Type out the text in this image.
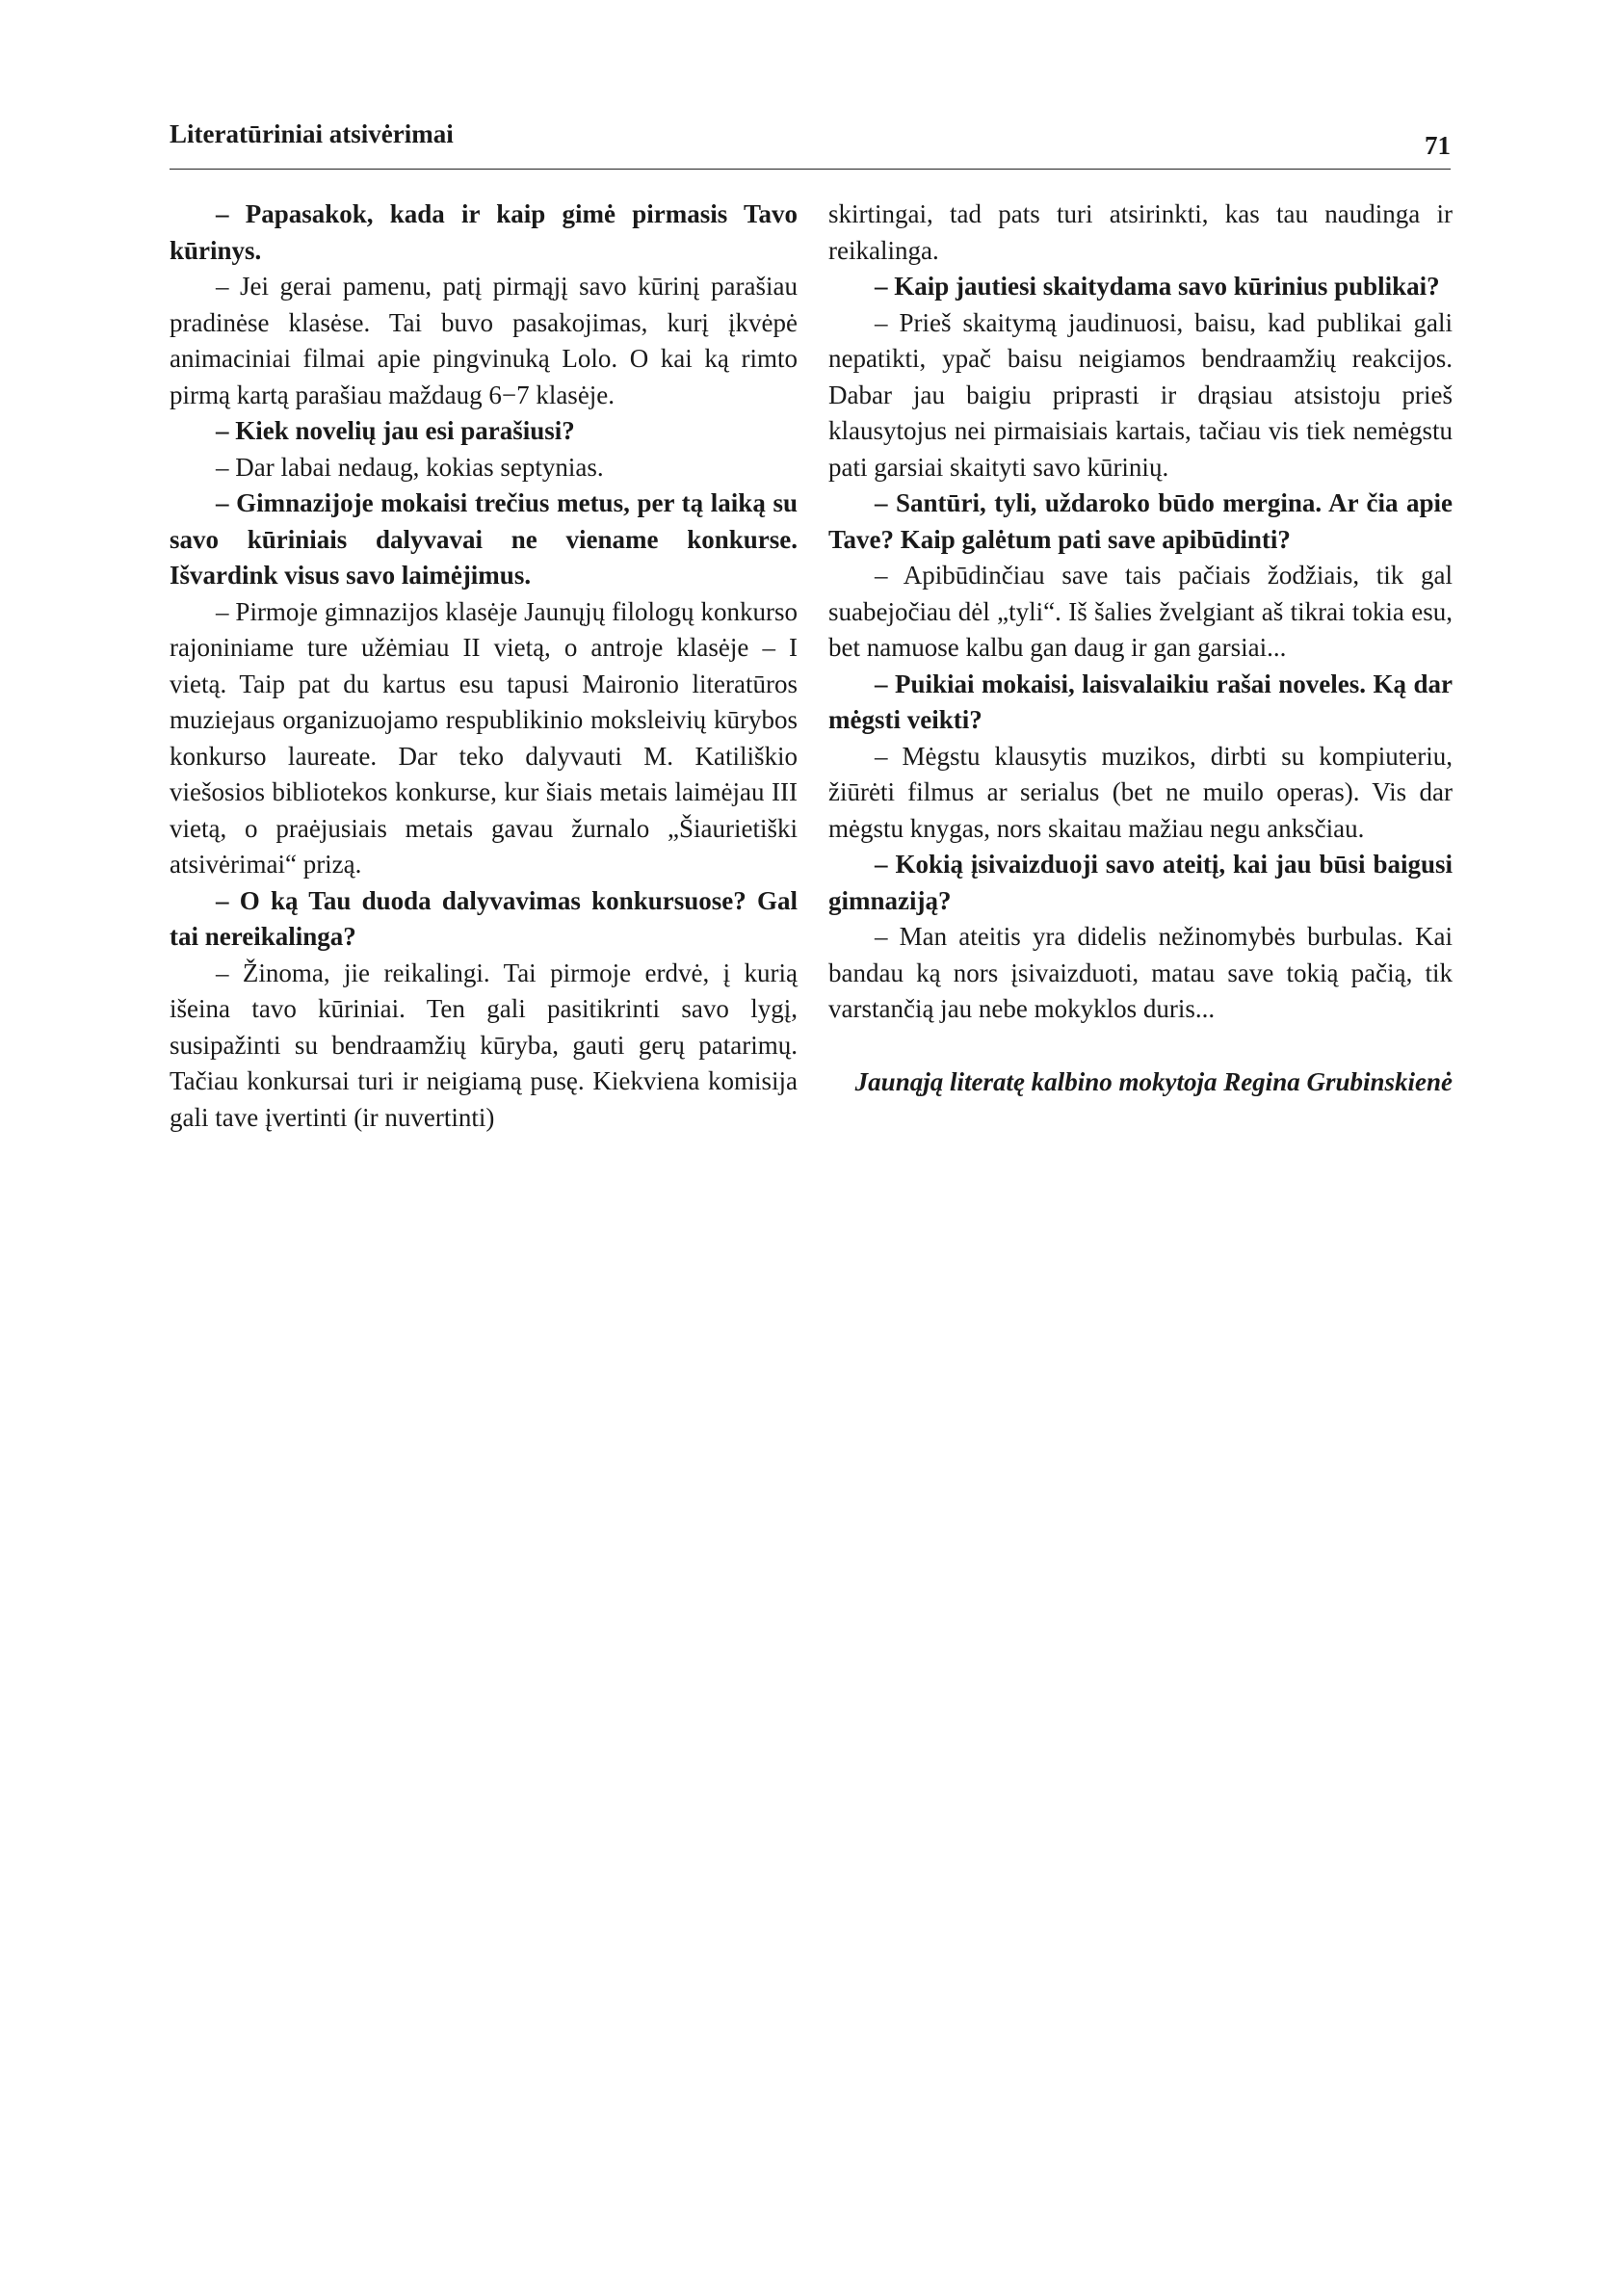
Literatūriniai atsivėrimai	71

– Papasakok, kada ir kaip gimė pirmasis Tavo kūrinys.

– Jei gerai pamenu, patį pirmąjį savo kūrinį parašiau pradinėse klasėse. Tai buvo pasakojimas, kurį įkvėpė animaciniai filmai apie pingvinuką Lolo. O kai ką rimto pirmą kartą parašiau maždaug 6−7 klasėje.

– Kiek novelių jau esi parašiusi?

– Dar labai nedaug, kokias septynias.

– Gimnazijoje mokaisi trečius metus, per tą laiką su savo kūriniais dalyvavai ne viename konkurse. Išvardink visus savo laimėjimus.

– Pirmoje gimnazijos klasėje Jaunųjų filologų konkurso rajoniniame ture užėmiau II vietą, o antroje klasėje – I vietą. Taip pat du kartus esu tapusi Maironio literatūros muziejaus organizuojamo respublikinio moksleivių kūrybos konkurso laureate. Dar teko dalyvauti M. Katiliškio viešosios bibliotekos konkurse, kur šiais metais laimėjau III vietą, o praėjusiais metais gavau žurnalo „Šiaurietiški atsivėrimai“ prizą.

– O ką Tau duoda dalyvavimas konkursuose? Gal tai nereikalinga?

– Žinoma, jie reikalingi. Tai pirmoje erdvė, į kurią išeina tavo kūriniai. Ten gali pasitikrinti savo lygį, susipažinti su bendraamžių kūryba, gauti gerų patarimų. Tačiau konkursai turi ir neigiamą pusę. Kiekviena komisija gali tave įvertinti (ir nuvertinti)

skirtingai, tad pats turi atsirinkti, kas tau naudinga ir reikalinga.

– Kaip jautiesi skaitydama savo kūrinius publikai?

– Prieš skaitymą jaudinuosi, baisu, kad publikai gali nepatikti, ypač baisu neigiamos bendraamžių reakcijos. Dabar jau baigiu priprasti ir drąsiau atsistoju prieš klausytojus nei pirmaisiais kartais, tačiau vis tiek nemėgstu pati garsiai skaityti savo kūrinių.

– Santūri, tyli, uždaroko būdo mergina. Ar čia apie Tave? Kaip galėtum pati save apibūdinti?

– Apibūdinčiau save tais pačiais žodžiais, tik gal suabejočiau dėl „tyli“. Iš šalies žvelgiant aš tikrai tokia esu, bet namuose kalbu gan daug ir gan garsiai...

– Puikiai mokaisi, laisvalaikiu rašai noveles. Ką dar mėgsti veikti?

– Mėgstu klausytis muzikos, dirbti su kompiuteriu, žiūrėti filmus ar serialus (bet ne muilo operas). Vis dar mėgstu knygas, nors skaitau mažiau negu anksčiau.

– Kokią įsivaizduoji savo ateitį, kai jau būsi baigusi gimnaziją?

– Man ateitis yra didelis nežinomybės burbulas. Kai bandau ką nors įsivaizduoti, matau save tokią pačią, tik varstančią jau nebe mokyklos duris...

Jaunąją literatę kalbino mokytoja Regina Grubinskienė
